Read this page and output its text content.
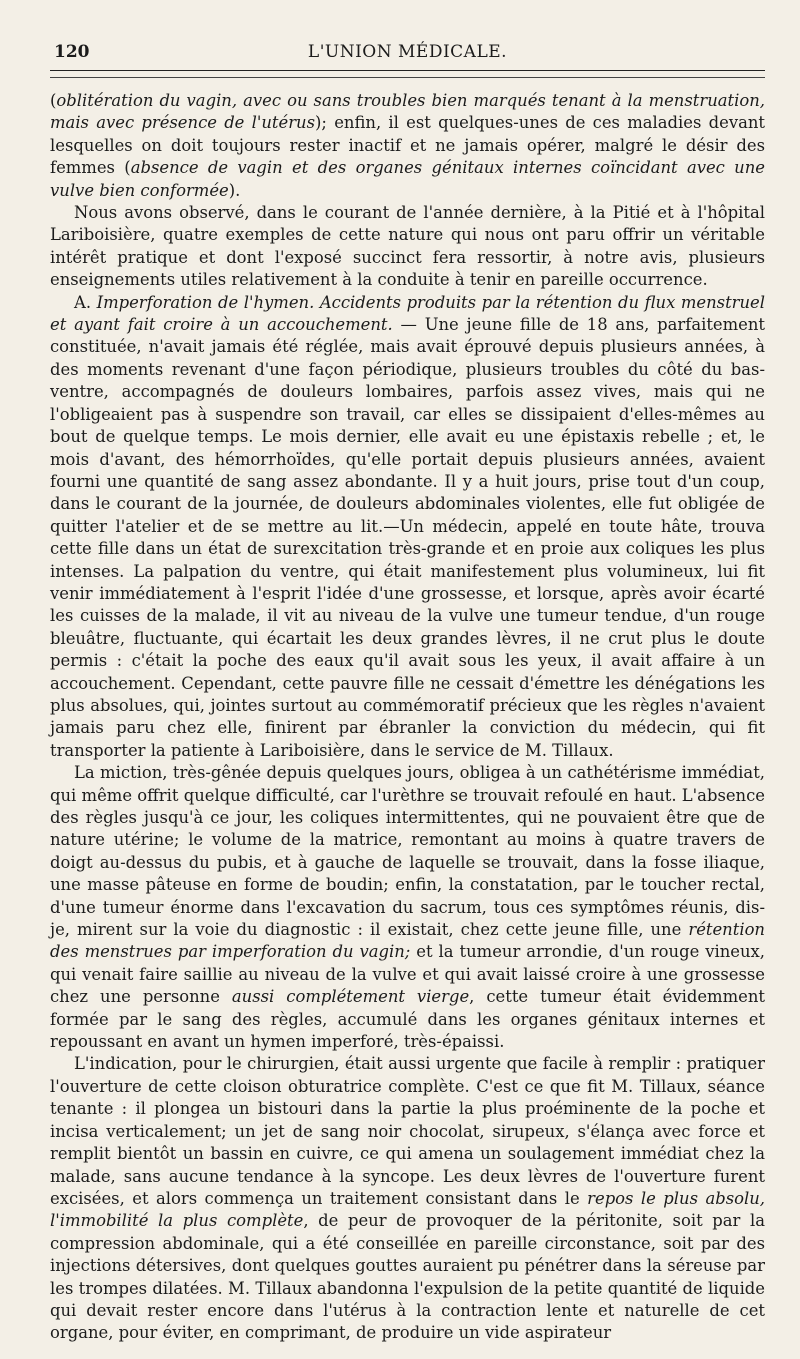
120	L'UNION MÉDICALE.

(oblitération du vagin, avec ou sans troubles bien marqués tenant à la menstruation, mais avec présence de l'utérus); enfin, il est quelques-unes de ces maladies devant lesquelles on doit toujours rester inactif et ne jamais opérer, malgré le désir des femmes (absence de vagin et des organes génitaux internes coïncidant avec une vulve bien conformée).

Nous avons observé, dans le courant de l'année dernière, à la Pitié et à l'hôpital Lariboisière, quatre exemples de cette nature qui nous ont paru offrir un véritable intérêt pratique et dont l'exposé succinct fera ressortir, à notre avis, plusieurs enseignements utiles relativement à la conduite à tenir en pareille occurrence.

A. Imperforation de l'hymen. Accidents produits par la rétention du flux menstruel et ayant fait croire à un accouchement. — Une jeune fille de 18 ans, parfaitement constituée, n'avait jamais été réglée, mais avait éprouvé depuis plusieurs années, à des moments revenant d'une façon périodique, plusieurs troubles du côté du bas-ventre, accompagnés de douleurs lombaires, parfois assez vives, mais qui ne l'obligeaient pas à suspendre son travail, car elles se dissipaient d'elles-mêmes au bout de quelque temps. Le mois dernier, elle avait eu une épistaxis rebelle ; et, le mois d'avant, des hémorrhoïdes, qu'elle portait depuis plusieurs années, avaient fourni une quantité de sang assez abondante. Il y a huit jours, prise tout d'un coup, dans le courant de la journée, de douleurs abdominales violentes, elle fut obligée de quitter l'atelier et de se mettre au lit.—Un médecin, appelé en toute hâte, trouva cette fille dans un état de surexcitation très-grande et en proie aux coliques les plus intenses. La palpation du ventre, qui était manifestement plus volumineux, lui fit venir immédiatement à l'esprit l'idée d'une grossesse, et lorsque, après avoir écarté les cuisses de la malade, il vit au niveau de la vulve une tumeur tendue, d'un rouge bleuâtre, fluctuante, qui écartait les deux grandes lèvres, il ne crut plus le doute permis : c'était la poche des eaux qu'il avait sous les yeux, il avait affaire à un accouchement. Cependant, cette pauvre fille ne cessait d'émettre les dénégations les plus absolues, qui, jointes surtout au commémoratif précieux que les règles n'avaient jamais paru chez elle, finirent par ébranler la conviction du médecin, qui fit transporter la patiente à Lariboisière, dans le service de M. Tillaux.

La miction, très-gênée depuis quelques jours, obligea à un cathétérisme immédiat, qui même offrit quelque difficulté, car l'urèthre se trouvait refoulé en haut. L'absence des règles jusqu'à ce jour, les coliques intermittentes, qui ne pouvaient être que de nature utérine; le volume de la matrice, remontant au moins à quatre travers de doigt au-dessus du pubis, et à gauche de laquelle se trouvait, dans la fosse iliaque, une masse pâteuse en forme de boudin; enfin, la constatation, par le toucher rectal, d'une tumeur énorme dans l'excavation du sacrum, tous ces symptômes réunis, dis-je, mirent sur la voie du diagnostic : il existait, chez cette jeune fille, une rétention des menstrues par imperforation du vagin; et la tumeur arrondie, d'un rouge vineux, qui venait faire saillie au niveau de la vulve et qui avait laissé croire à une grossesse chez une personne aussi complétement vierge, cette tumeur était évidemment formée par le sang des règles, accumulé dans les organes génitaux internes et repoussant en avant un hymen imperforé, très-épaissi.

L'indication, pour le chirurgien, était aussi urgente que facile à remplir : pratiquer l'ouverture de cette cloison obturatrice complète. C'est ce que fit M. Tillaux, séance tenante : il plongea un bistouri dans la partie la plus proéminente de la poche et incisa verticalement; un jet de sang noir chocolat, sirupeux, s'élança avec force et remplit bientôt un bassin en cuivre, ce qui amena un soulagement immédiat chez la malade, sans aucune tendance à la syncope. Les deux lèvres de l'ouverture furent excisées, et alors commença un traitement consistant dans le repos le plus absolu, l'immobilité la plus complète, de peur de provoquer de la péritonite, soit par la compression abdominale, qui a été conseillée en pareille circonstance, soit par des injections détersives, dont quelques gouttes auraient pu pénétrer dans la séreuse par les trompes dilatées. M. Tillaux abandonna l'expulsion de la petite quantité de liquide qui devait rester encore dans l'utérus à la contraction lente et naturelle de cet organe, pour éviter, en comprimant, de produire un vide aspirateur
